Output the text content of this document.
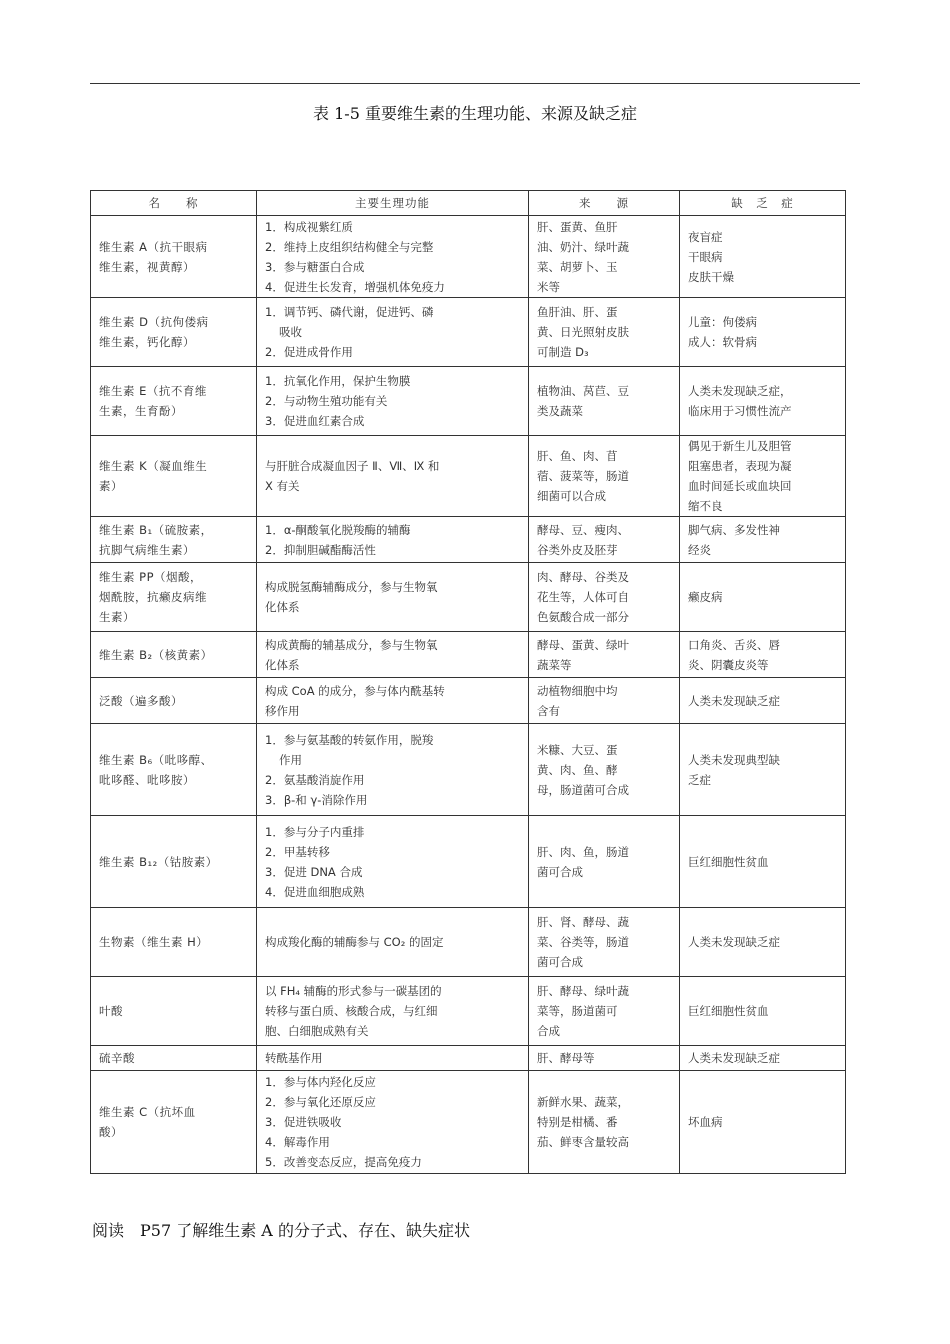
表 1-5 重要维生素的生理功能、来源及缺乏症
名　　称	主要生理功能	来　　源	缺　乏　症

维生素 A（抗干眼病
维生素，视黄醇）	1．构成视紫红质
2．维持上皮组织结构健全与完整
3．参与糖蛋白合成
4．促进生长发育，增强机体免疫力	肝、蛋黄、鱼肝
油、奶汁、绿叶蔬
菜、胡萝卜、玉
米等	夜盲症
干眼病
皮肤干燥

维生素 D（抗佝偻病
维生素，钙化醇）	1．调节钙、磷代谢，促进钙、磷
吸收
2．促进成骨作用	鱼肝油、肝、蛋
黄、日光照射皮肤
可制造 D₃	儿童：佝偻病
成人：软骨病

维生素 E（抗不育维
生素，生育酚）	1．抗氧化作用，保护生物膜
2．与动物生殖功能有关
3．促进血红素合成	植物油、莴苣、豆
类及蔬菜	人类未发现缺乏症，
临床用于习惯性流产

维生素 K（凝血维生
素）	与肝脏合成凝血因子 Ⅱ、Ⅶ、Ⅸ 和
Ⅹ 有关	肝、鱼、肉、苜
蓿、菠菜等，肠道
细菌可以合成	偶见于新生儿及胆管
阻塞患者，表现为凝
血时间延长或血块回
缩不良

维生素 B₁（硫胺素，
抗脚气病维生素）	1．α-酮酸氧化脱羧酶的辅酶
2．抑制胆碱酯酶活性	酵母、豆、瘦肉、
谷类外皮及胚芽	脚气病、多发性神
经炎

维生素 PP（烟酸，
烟酰胺，抗癞皮病维
生素）	构成脱氢酶辅酶成分，参与生物氧
化体系	肉、酵母、谷类及
花生等，人体可自
色氨酸合成一部分	癞皮病

维生素 B₂（核黄素）	构成黄酶的辅基成分，参与生物氧
化体系	酵母、蛋黄、绿叶
蔬菜等	口角炎、舌炎、唇
炎、阴囊皮炎等

泛酸（遍多酸）	构成 CoA 的成分，参与体内酰基转
移作用	动植物细胞中均
含有	人类未发现缺乏症

维生素 B₆（吡哆醇、
吡哆醛、吡哆胺）	1．参与氨基酸的转氨作用，脱羧
作用
2．氨基酸消旋作用
3．β-和 γ-消除作用	米糠、大豆、蛋
黄、肉、鱼、酵
母，肠道菌可合成	人类未发现典型缺
乏症

维生素 B₁₂（钴胺素）	1．参与分子内重排
2．甲基转移
3．促进 DNA 合成
4．促进血细胞成熟	肝、肉、鱼，肠道
菌可合成	巨红细胞性贫血

生物素（维生素 H）	构成羧化酶的辅酶参与 CO₂ 的固定	肝、肾、酵母、蔬
菜、谷类等，肠道
菌可合成	人类未发现缺乏症

叶酸	以 FH₄ 辅酶的形式参与一碳基团的
转移与蛋白质、核酸合成，与红细
胞、白细胞成熟有关	肝、酵母、绿叶蔬
菜等，肠道菌可
合成	巨红细胞性贫血

硫辛酸	转酰基作用	肝、酵母等	人类未发现缺乏症

维生素 C（抗坏血
酸）	1．参与体内羟化反应
2．参与氧化还原反应
3．促进铁吸收
4．解毒作用
5．改善变态反应，提高免疫力	新鲜水果、蔬菜，
特别是柑橘、番
茄、鲜枣含量较高	坏血病
阅读　P57 了解维生素 A 的分子式、存在、缺失症状
